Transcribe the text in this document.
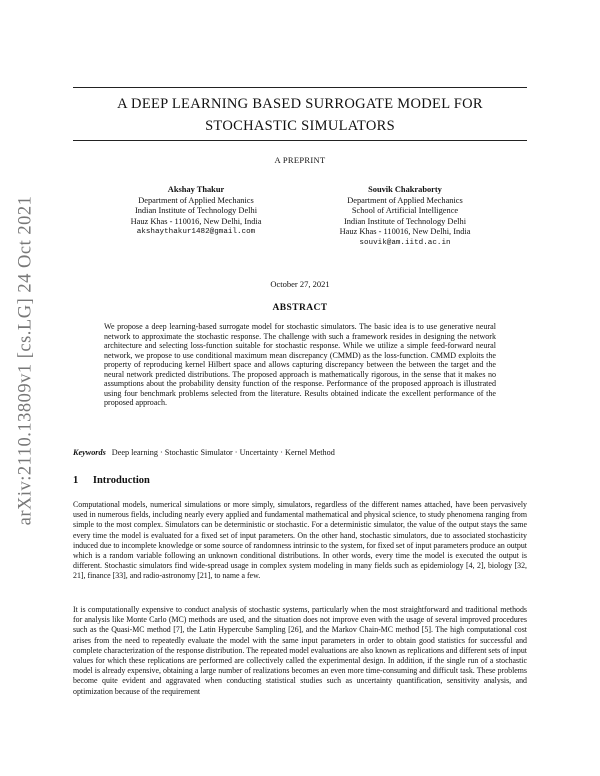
arXiv:2110.13809v1 [cs.LG] 24 Oct 2021
A DEEP LEARNING BASED SURROGATE MODEL FOR
STOCHASTIC SIMULATORS
A PREPRINT
Akshay Thakur
Department of Applied Mechanics
Indian Institute of Technology Delhi
Hauz Khas - 110016, New Delhi, India
akshaythakur1482@gmail.com
Souvik Chakraborty
Department of Applied Mechanics
School of Artificial Intelligence
Indian Institute of Technology Delhi
Hauz Khas - 110016, New Delhi, India
souvik@am.iitd.ac.in
October 27, 2021
ABSTRACT

We propose a deep learning-based surrogate model for stochastic simulators. The basic idea is to use generative neural network to approximate the stochastic response. The challenge with such a framework resides in designing the network architecture and selecting loss-function suitable for stochastic response. While we utilize a simple feed-forward neural network, we propose to use conditional maximum mean discrepancy (CMMD) as the loss-function. CMMD exploits the property of reproducing kernel Hilbert space and allows capturing discrepancy between the between the target and the neural network predicted distributions. The proposed approach is mathematically rigorous, in the sense that it makes no assumptions about the probability density function of the response. Performance of the proposed approach is illustrated using four benchmark problems selected from the literature. Results obtained indicate the excellent performance of the proposed approach.

Keywords Deep learning · Stochastic Simulator · Uncertainty · Kernel Method
1 Introduction

Computational models, numerical simulations or more simply, simulators, regardless of the different names attached, have been pervasively used in numerous fields, including nearly every applied and fundamental mathematical and physical science, to study phenomena ranging from simple to the most complex. Simulators can be deterministic or stochastic. For a deterministic simulator, the value of the output stays the same every time the model is evaluated for a fixed set of input parameters. On the other hand, stochastic simulators, due to associated stochasticity induced due to incomplete knowledge or some source of randomness intrinsic to the system, for fixed set of input parameters produce an output which is a random variable following an unknown conditional distributions. In other words, every time the model is executed the output is different. Stochastic simulators find wide-spread usage in complex system modeling in many fields such as epidemiology [4, 2], biology [32, 21], finance [33], and radio-astronomy [21], to name a few.

It is computationally expensive to conduct analysis of stochastic systems, particularly when the most straightforward and traditional methods for analysis like Monte Carlo (MC) methods are used, and the situation does not improve even with the usage of several improved procedures such as the Quasi-MC method [7], the Latin Hypercube Sampling [26], and the Markov Chain-MC method [5]. The high computational cost arises from the need to repeatedly evaluate the model with the same input parameters in order to obtain good statistics for successful and complete characterization of the response distribution. The repeated model evaluations are also known as replications and different sets of input values for which these replications are performed are collectively called the experimental design. In addition, if the single run of a stochastic model is already expensive, obtaining a large number of realizations becomes an even more time-consuming and difficult task. These problems become quite evident and aggravated when conducting statistical studies such as uncertainty quantification, sensitivity analysis, and optimization because of the requirement
